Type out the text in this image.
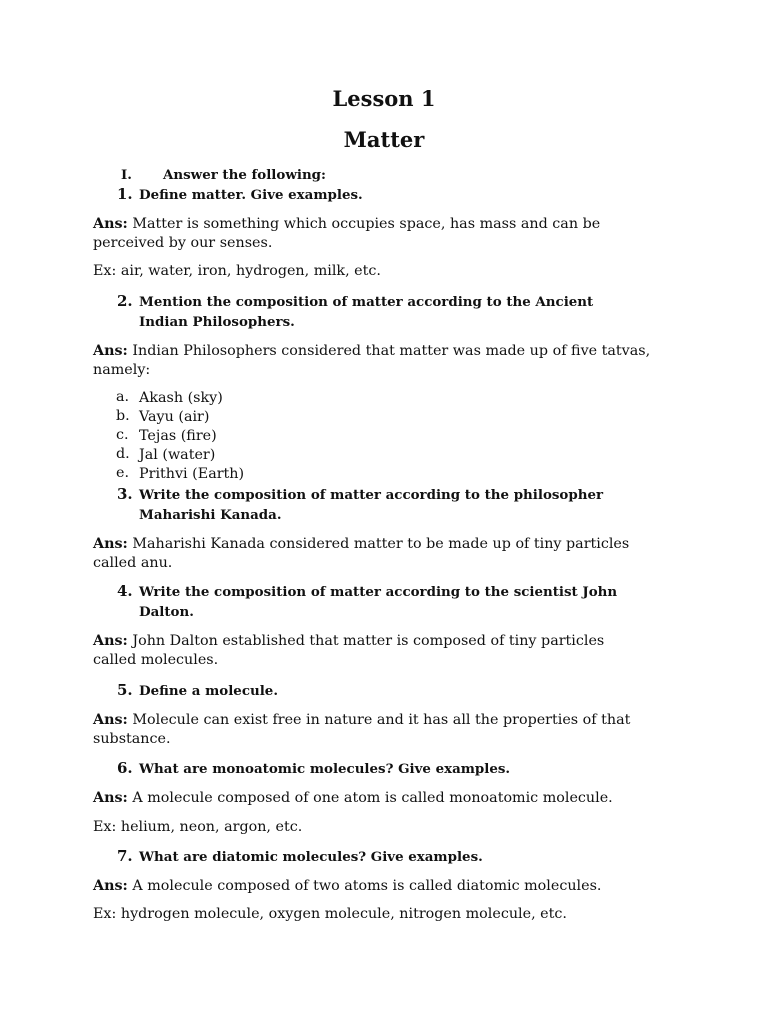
Lesson 1
Matter
I. Answer the following:
1. Define matter. Give examples.
Ans: Matter is something which occupies space, has mass and can be
perceived by our senses.
Ex: air, water, iron, hydrogen, milk, etc.
2. Mention the composition of matter according to the Ancient
Indian Philosophers.
Ans: Indian Philosophers considered that matter was made up of five tatvas,
namely:
a. Akash (sky)
b. Vayu (air)
c. Tejas (fire)
d. Jal (water)
e. Prithvi (Earth)
3. Write the composition of matter according to the philosopher
Maharishi Kanada.
Ans: Maharishi Kanada considered matter to be made up of tiny particles
called anu.
4. Write the composition of matter according to the scientist John
Dalton.
Ans: John Dalton established that matter is composed of tiny particles
called molecules.
5. Define a molecule.
Ans: Molecule can exist free in nature and it has all the properties of that
substance.
6. What are monoatomic molecules? Give examples.
Ans: A molecule composed of one atom is called monoatomic molecule.
Ex: helium, neon, argon, etc.
7. What are diatomic molecules? Give examples.
Ans: A molecule composed of two atoms is called diatomic molecules.
Ex: hydrogen molecule, oxygen molecule, nitrogen molecule, etc.
